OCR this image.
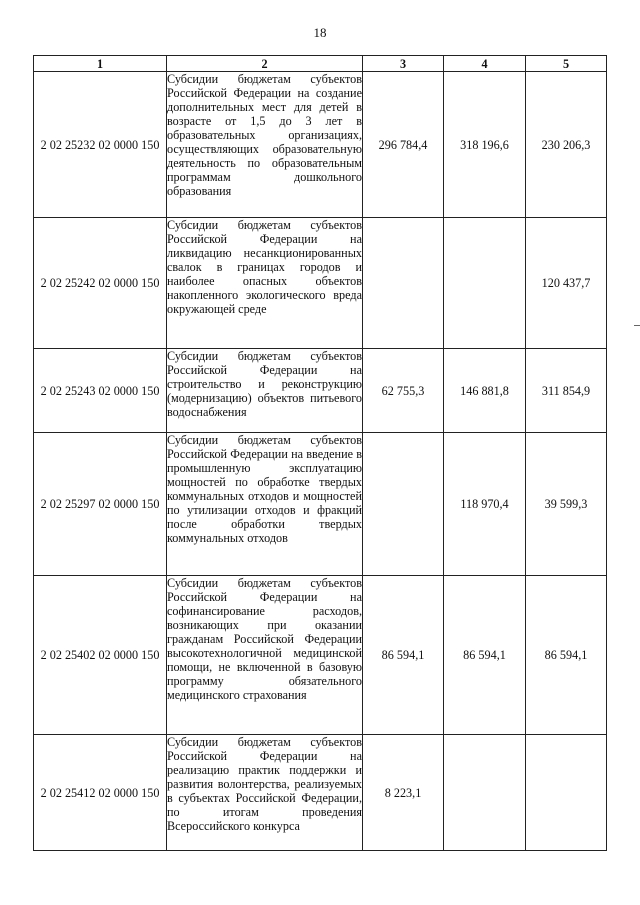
18
1	2	3	4	5
2 02 25232 02 0000 150	Субсидии бюджетам субъектов Российской Федерации на создание дополнительных мест для детей в возрасте от 1,5 до 3 лет в образовательных организациях, осуществляющих образовательную деятельность по образовательным программам дошкольного образования	296 784,4	318 196,6	230 206,3
2 02 25242 02 0000 150	Субсидии бюджетам субъектов Российской Федерации на ликвидацию несанкционированных свалок в границах городов и наиболее опасных объектов накопленного экологического вреда окружающей среде			120 437,7
2 02 25243 02 0000 150	Субсидии бюджетам субъектов Российской Федерации на строительство и реконструкцию (модернизацию) объектов питьевого водоснабжения	62 755,3	146 881,8	311 854,9
2 02 25297 02 0000 150	Субсидии бюджетам субъектов Российской Федерации на введение в промышленную эксплуатацию мощностей по обработке твердых коммунальных отходов и мощностей по утилизации отходов и фракций после обработки твердых коммунальных отходов		118 970,4	39 599,3
2 02 25402 02 0000 150	Субсидии бюджетам субъектов Российской Федерации на софинансирование расходов, возникающих при оказании гражданам Российской Федерации высокотехнологичной медицинской помощи, не включенной в базовую программу обязательного медицинского страхования	86 594,1	86 594,1	86 594,1
2 02 25412 02 0000 150	Субсидии бюджетам субъектов Российской Федерации на реализацию практик поддержки и развития волонтерства, реализуемых в субъектах Российской Федерации, по итогам проведения Всероссийского конкурса	8 223,1		
